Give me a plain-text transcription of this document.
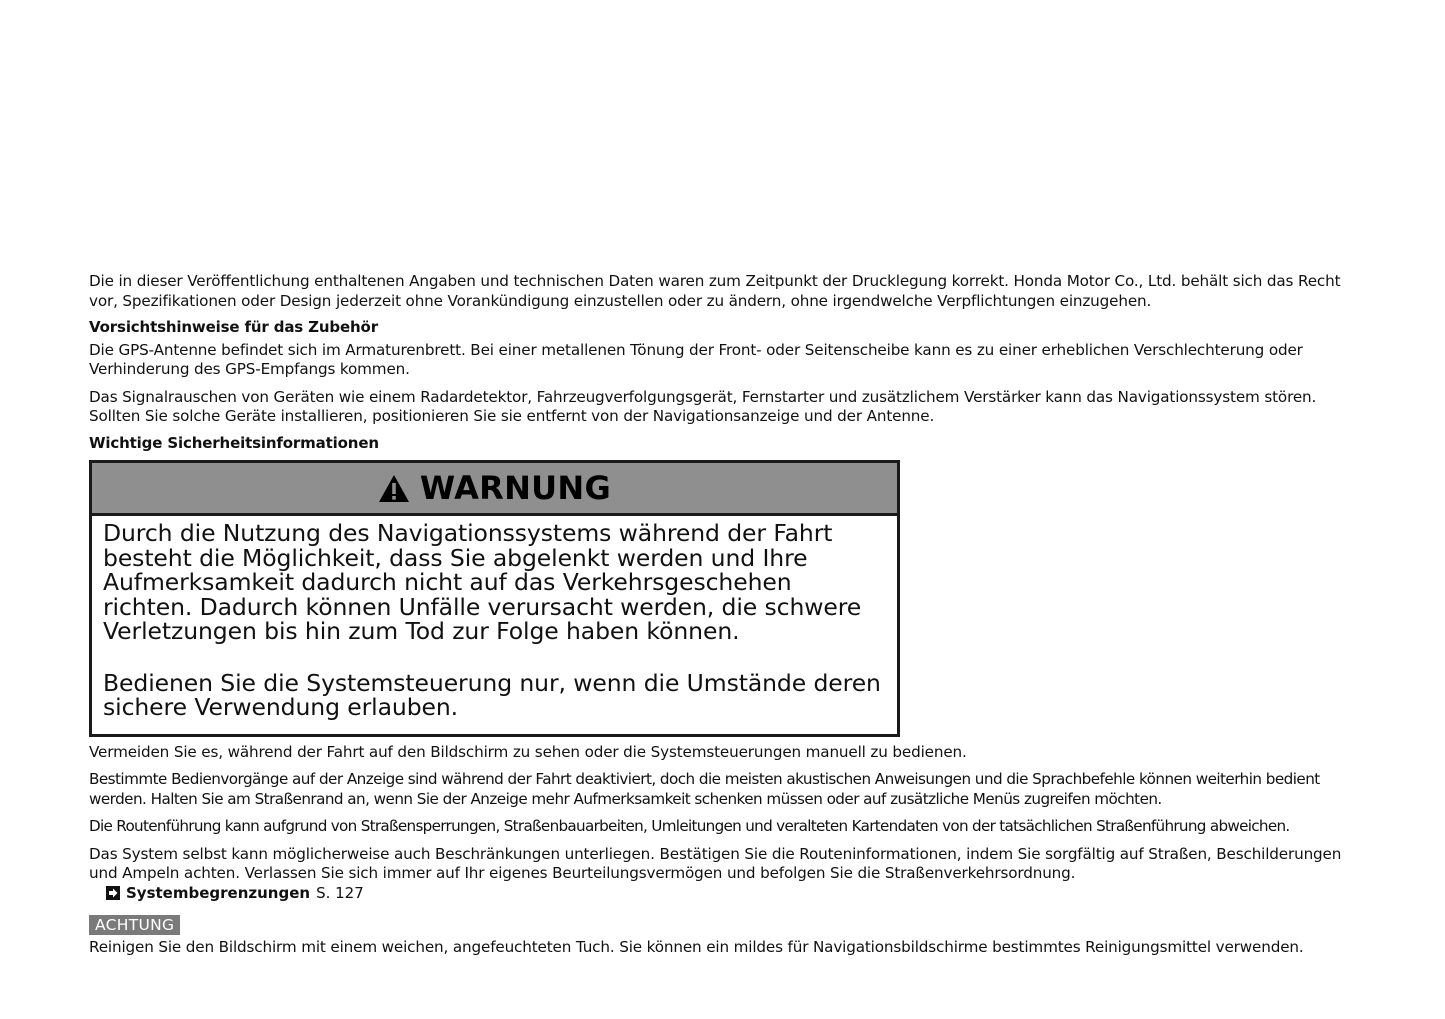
Die in dieser Veröffentlichung enthaltenen Angaben und technischen Daten waren zum Zeitpunkt der Drucklegung korrekt. Honda Motor Co., Ltd. behält sich das Recht vor, Spezifikationen oder Design jederzeit ohne Vorankündigung einzustellen oder zu ändern, ohne irgendwelche Verpflichtungen einzugehen.

Vorsichtshinweise für das Zubehör

Die GPS-Antenne befindet sich im Armaturenbrett. Bei einer metallenen Tönung der Front- oder Seitenscheibe kann es zu einer erheblichen Verschlechterung oder Verhinderung des GPS-Empfangs kommen.

Das Signalrauschen von Geräten wie einem Radardetektor, Fahrzeugverfolgungsgerät, Fernstarter und zusätzlichem Verstärker kann das Navigationssystem stören. Sollten Sie solche Geräte installieren, positionieren Sie sie entfernt von der Navigationsanzeige und der Antenne.

Wichtige Sicherheitsinformationen

WARNUNG

Durch die Nutzung des Navigationssystems während der Fahrt besteht die Möglichkeit, dass Sie abgelenkt werden und Ihre Aufmerksamkeit dadurch nicht auf das Verkehrsgeschehen richten. Dadurch können Unfälle verursacht werden, die schwere Verletzungen bis hin zum Tod zur Folge haben können.

Bedienen Sie die Systemsteuerung nur, wenn die Umstände deren sichere Verwendung erlauben.

Vermeiden Sie es, während der Fahrt auf den Bildschirm zu sehen oder die Systemsteuerungen manuell zu bedienen.

Bestimmte Bedienvorgänge auf der Anzeige sind während der Fahrt deaktiviert, doch die meisten akustischen Anweisungen und die Sprachbefehle können weiterhin bedient werden. Halten Sie am Straßenrand an, wenn Sie der Anzeige mehr Aufmerksamkeit schenken müssen oder auf zusätzliche Menüs zugreifen möchten.

Die Routenführung kann aufgrund von Straßensperrungen, Straßenbauarbeiten, Umleitungen und veralteten Kartendaten von der tatsächlichen Straßenführung abweichen.

Das System selbst kann möglicherweise auch Beschränkungen unterliegen. Bestätigen Sie die Routeninformationen, indem Sie sorgfältig auf Straßen, Beschilderungen und Ampeln achten. Verlassen Sie sich immer auf Ihr eigenes Beurteilungsvermögen und befolgen Sie die Straßenverkehrsordnung.

Systembegrenzungen S. 127
ACHTUNG

Reinigen Sie den Bildschirm mit einem weichen, angefeuchteten Tuch. Sie können ein mildes für Navigationsbildschirme bestimmtes Reinigungsmittel verwenden.
